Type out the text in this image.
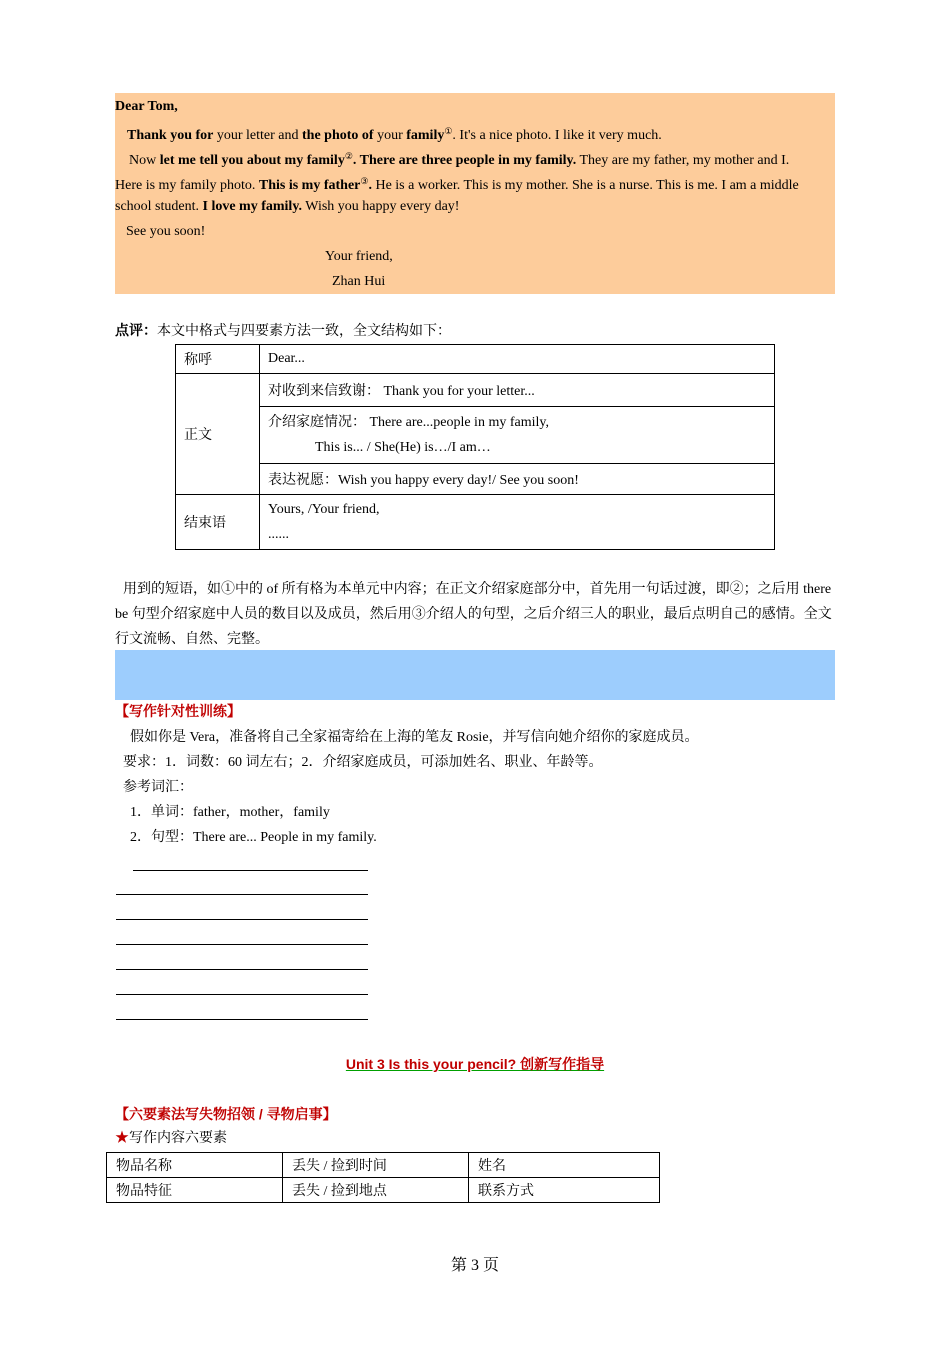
Dear Tom,
Thank you for your letter and the photo of your family①. It's a nice photo. I like it very much.
Now let me tell you about my family②. There are three people in my family. They are my father, my mother and I.
Here is my family photo. This is my father③. He is a worker. This is my mother. She is a nurse. This is me. I am a middle
school student. I love my family. Wish you happy every day!
See you soon!
Your friend,
Zhan Hui
点评：本文中格式与四要素方法一致，全文结构如下：
称呼	Dear...
正文	对收到来信致谢： Thank you for your letter...

	介绍家庭情况： There are...people in my family,
This is... / She(He) is…/I am…

	表达祝愿：Wish you happy every day!/ See you soon!
结束语	Yours, /Your friend,
......
用到的短语，如①中的 of 所有格为本单元中内容；在正文介绍家庭部分中，首先用一句话过渡，即②；之后用 there
be 句型介绍家庭中人员的数目以及成员，然后用③介绍人的句型，之后介绍三人的职业，最后点明自己的感情。全文
行文流畅、自然、完整。
【写作针对性训练】
假如你是 Vera，准备将自己全家福寄给在上海的笔友 Rosie，并写信向她介绍你的家庭成员。
要求：1．词数：60 词左右；2．介绍家庭成员，可添加姓名、职业、年龄等。
参考词汇：
1．单词：father，mother，family
2．句型：There are... People in my family.
Unit 3 Is this your pencil? 创新写作指导
【六要素法写失物招领 / 寻物启事】
★写作内容六要素
物品名称	丢失 / 捡到时间	姓名
物品特征	丢失 / 捡到地点	联系方式
第 3 页
